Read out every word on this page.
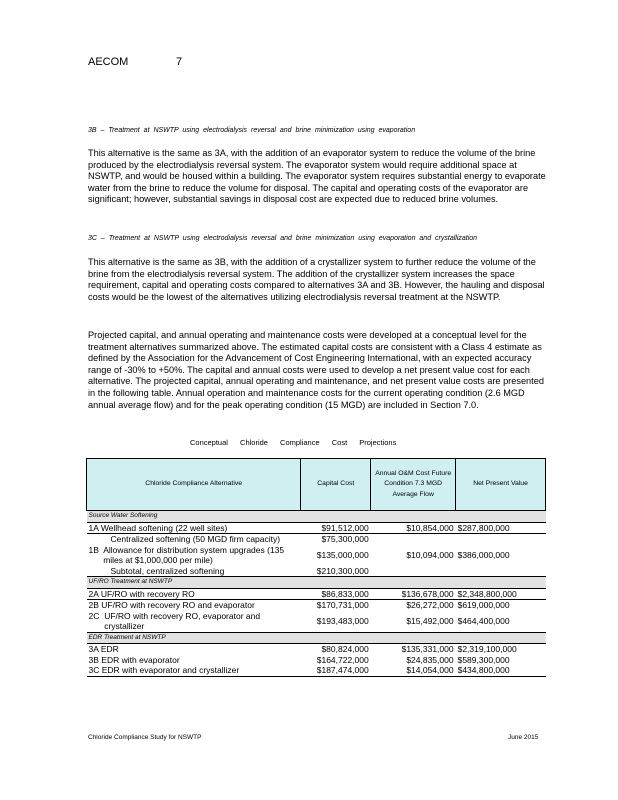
AECOM	7
3B – Treatment at NSWTP using electrodialysis reversal and brine minimization using evaporation
This alternative is the same as 3A, with the addition of an evaporator system to reduce the volume of the brine produced by the electrodialysis reversal system. The evaporator system would require additional space at NSWTP, and would be housed within a building. The evaporator system requires substantial energy to evaporate water from the brine to reduce the volume for disposal. The capital and operating costs of the evaporator are significant; however, substantial savings in disposal cost are expected due to reduced brine volumes.
3C – Treatment at NSWTP using electrodialysis reversal and brine minimization using evaporation and crystallization
This alternative is the same as 3B, with the addition of a crystallizer system to further reduce the volume of the brine from the electrodialysis reversal system. The addition of the crystallizer system increases the space requirement, capital and operating costs compared to alternatives 3A and 3B. However, the hauling and disposal costs would be the lowest of the alternatives utilizing electrodialysis reversal treatment at the NSWTP.
Projected capital, and annual operating and maintenance costs were developed at a conceptual level for the treatment alternatives summarized above. The estimated capital costs are consistent with a Class 4 estimate as defined by the Association for the Advancement of Cost Engineering International, with an expected accuracy range of -30% to +50%. The capital and annual costs were used to develop a net present value cost for each alternative. The projected capital, annual operating and maintenance, and net present value costs are presented in the following table. Annual operation and maintenance costs for the current operating condition (2.6 MGD annual average flow) and for the peak operating condition (15 MGD) are included in Section 7.0.
Conceptual Chloride Compliance Cost Projections
Chloride Compliance Alternative	Capital Cost	Annual O&M Cost Future Condition 7.3 MGD Average Flow	Net Present Value
Source Water Softening			
1A Wellhead softening (22 well sites)	$91,512,000	$10,854,000	$287,800,000
Centralized softening (50 MGD firm capacity)	$75,300,000		

1B Allowance for distribution system upgrades (135 miles at $1,000,000 per mile)	$135,000,000	$10,094,000	$386,000,000
Subtotal, centralized softening	$210,300,000		
UF/RO Treatment at NSWTP			
2A UF/RO with recovery RO	$86,833,000	$136,678,000	$2,348,800,000
2B UF/RO with recovery RO and evaporator	$170,731,000	$26,272,000	$619,000,000

2C UF/RO with recovery RO, evaporator and crystallizer	$193,483,000	$15,492,000	$464,400,000
EDR Treatment at NSWTP			
3A EDR	$80,824,000	$135,331,000	$2,319,100,000
3B EDR with evaporator	$164,722,000	$24,835,000	$589,300,000
3C EDR with evaporator and crystallizer	$187,474,000	$14,054,000	$434,800,000
Chloride Compliance Study for NSWTP	June 2015
